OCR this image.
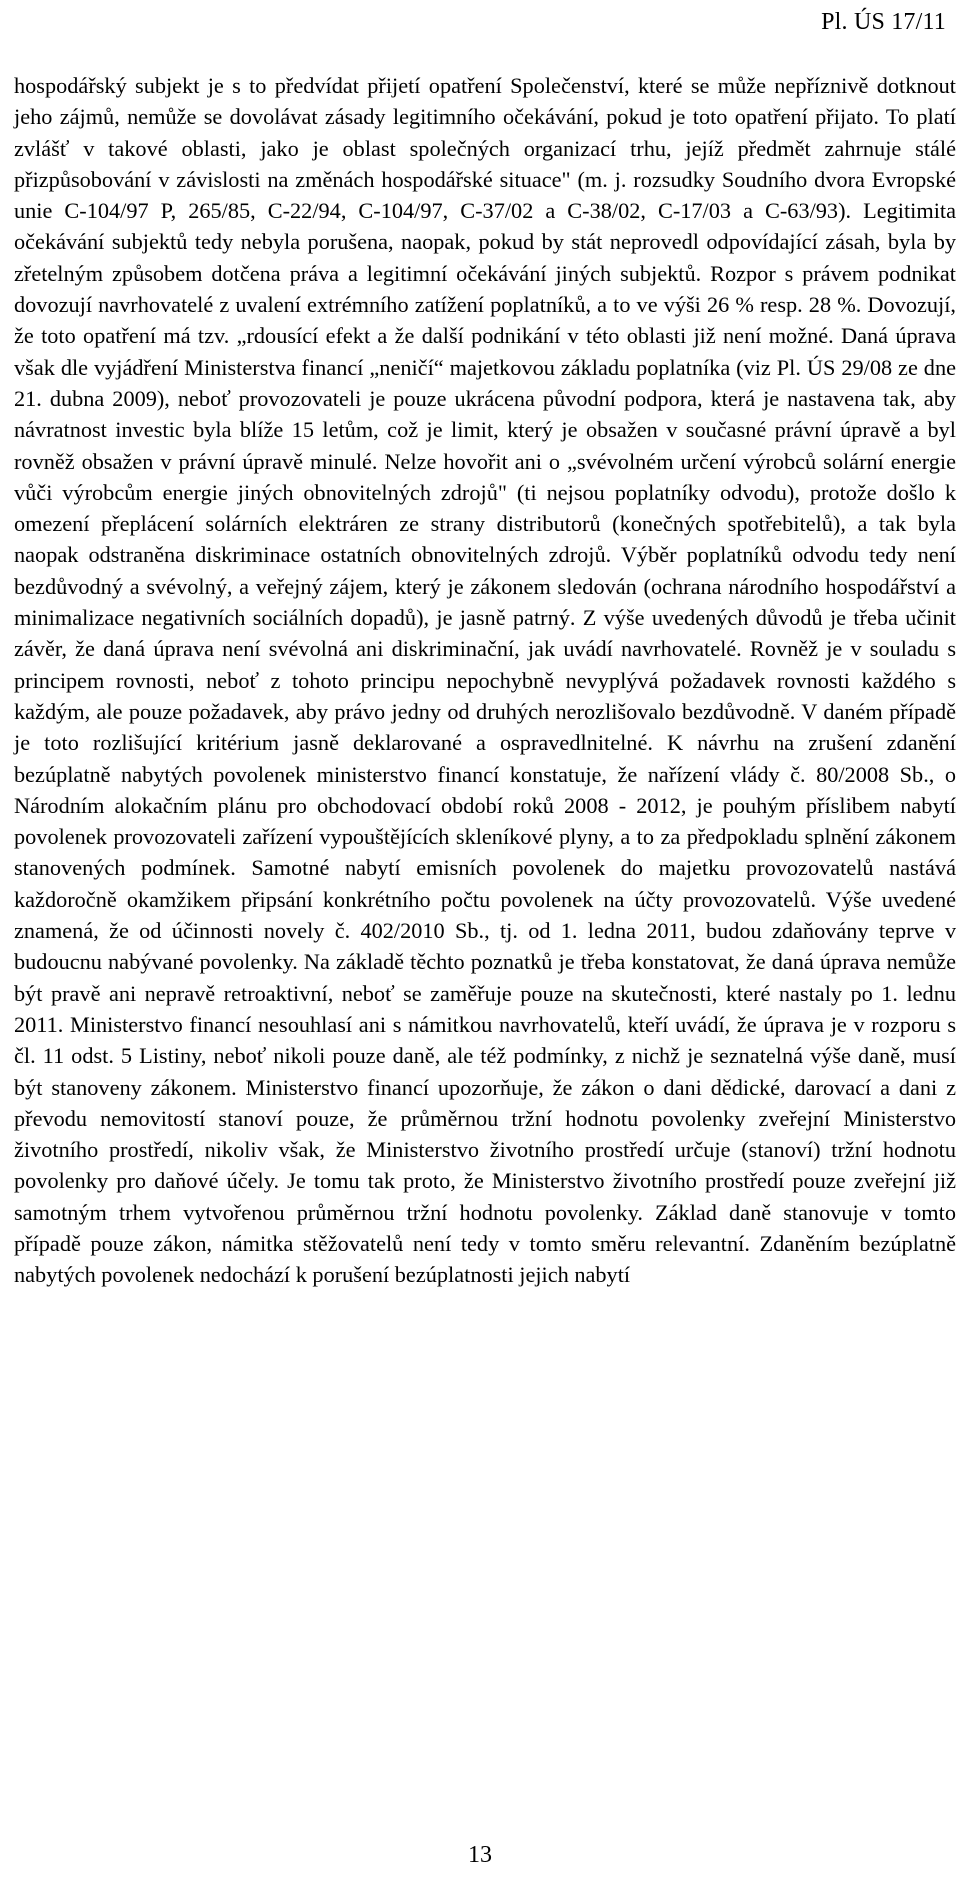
Pl. ÚS 17/11

hospodářský subjekt je s to předvídat přijetí opatření Společenství, které se může nepříznivě dotknout jeho zájmů, nemůže se dovolávat zásady legitimního očekávání, pokud je toto opatření přijato. To platí zvlášť v takové oblasti, jako je oblast společných organizací trhu, jejíž předmět zahrnuje stálé přizpůsobování v závislosti na změnách hospodářské situace" (m. j. rozsudky Soudního dvora Evropské unie C-104/97 P, 265/85, C-22/94, C-104/97, C-37/02 a C-38/02, C-17/03 a C-63/93). Legitimita očekávání subjektů tedy nebyla porušena, naopak, pokud by stát neprovedl odpovídající zásah, byla by zřetelným způsobem dotčena práva a legitimní očekávání jiných subjektů. Rozpor s právem podnikat dovozují navrhovatelé z uvalení extrémního zatížení poplatníků, a to ve výši 26 % resp. 28 %. Dovozují, že toto opatření má tzv. „rdousící efekt a že další podnikání v této oblasti již není možné. Daná úprava však dle vyjádření Ministerstva financí „neničí“ majetkovou základu poplatníka (viz Pl. ÚS 29/08 ze dne 21. dubna 2009), neboť provozovateli je pouze ukrácena původní podpora, která je nastavena tak, aby návratnost investic byla blíže 15 letům, což je limit, který je obsažen v současné právní úpravě a byl rovněž obsažen v právní úpravě minulé. Nelze hovořit ani o „svévolném určení výrobců solární energie vůči výrobcům energie jiných obnovitelných zdrojů" (ti nejsou poplatníky odvodu), protože došlo k omezení přeplácení solárních elektráren ze strany distributorů (konečných spotřebitelů), a tak byla naopak odstraněna diskriminace ostatních obnovitelných zdrojů. Výběr poplatníků odvodu tedy není bezdůvodný a svévolný, a veřejný zájem, který je zákonem sledován (ochrana národního hospodářství a minimalizace negativních sociálních dopadů), je jasně patrný. Z výše uvedených důvodů je třeba učinit závěr, že daná úprava není svévolná ani diskriminační, jak uvádí navrhovatelé. Rovněž je v souladu s principem rovnosti, neboť z tohoto principu nepochybně nevyplývá požadavek rovnosti každého s každým, ale pouze požadavek, aby právo jedny od druhých nerozlišovalo bezdůvodně. V daném případě je toto rozlišující kritérium jasně deklarované a ospravedlnitelné. K návrhu na zrušení zdanění bezúplatně nabytých povolenek ministerstvo financí konstatuje, že nařízení vlády č. 80/2008 Sb., o Národním alokačním plánu pro obchodovací období roků 2008 - 2012, je pouhým příslibem nabytí povolenek provozovateli zařízení vypouštějících skleníkové plyny, a to za předpokladu splnění zákonem stanovených podmínek. Samotné nabytí emisních povolenek do majetku provozovatelů nastává každoročně okamžikem připsání konkrétního počtu povolenek na účty provozovatelů. Výše uvedené znamená, že od účinnosti novely č. 402/2010 Sb., tj. od 1. ledna 2011, budou zdaňovány teprve v budoucnu nabývané povolenky. Na základě těchto poznatků je třeba konstatovat, že daná úprava nemůže být pravě ani nepravě retroaktivní, neboť se zaměřuje pouze na skutečnosti, které nastaly po 1. lednu 2011. Ministerstvo financí nesouhlasí ani s námitkou navrhovatelů, kteří uvádí, že úprava je v rozporu s čl. 11 odst. 5 Listiny, neboť nikoli pouze daně, ale též podmínky, z nichž je seznatelná výše daně, musí být stanoveny zákonem. Ministerstvo financí upozorňuje, že zákon o dani dědické, darovací a dani z převodu nemovitostí stanoví pouze, že průměrnou tržní hodnotu povolenky zveřejní Ministerstvo životního prostředí, nikoliv však, že Ministerstvo životního prostředí určuje (stanoví) tržní hodnotu povolenky pro daňové účely. Je tomu tak proto, že Ministerstvo životního prostředí pouze zveřejní již samotným trhem vytvořenou průměrnou tržní hodnotu povolenky. Základ daně stanovuje v tomto případě pouze zákon, námitka stěžovatelů není tedy v tomto směru relevantní. Zdaněním bezúplatně nabytých povolenek nedochází k porušení bezúplatnosti jejich nabytí

13
